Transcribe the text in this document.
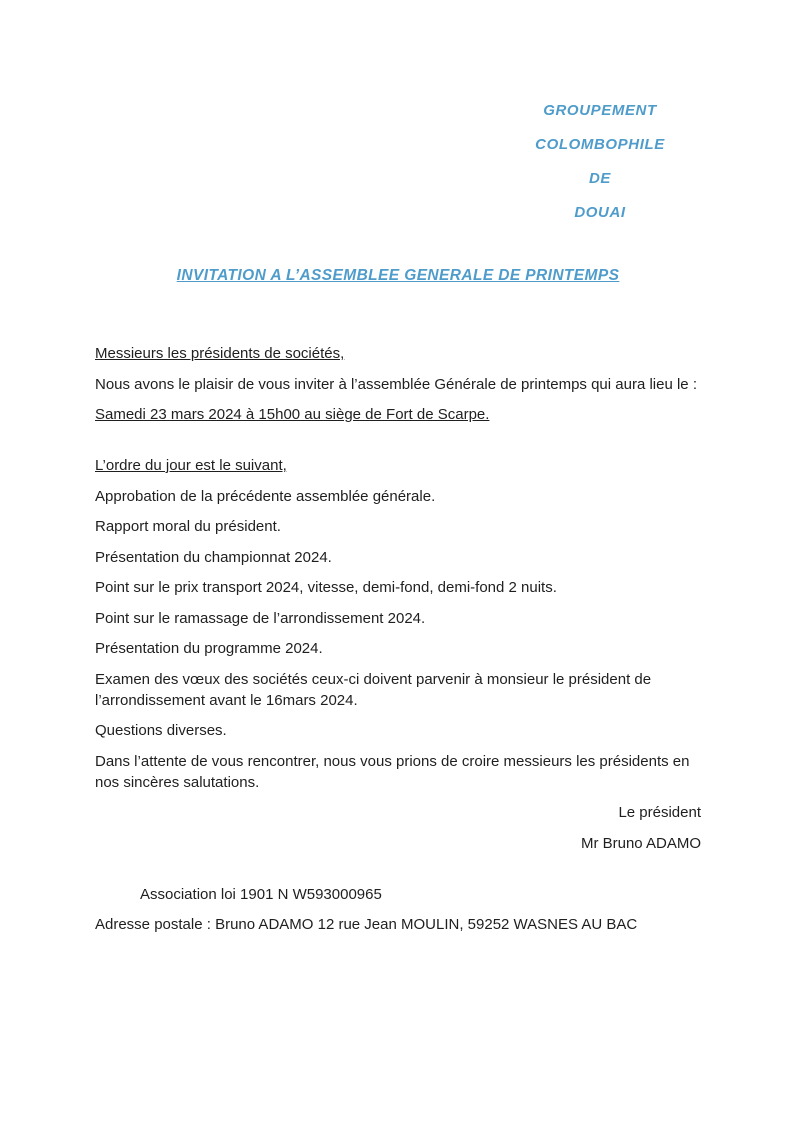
GROUPEMENT
COLOMBOPHILE
DE
DOUAI
INVITATION A L’ASSEMBLEE GENERALE DE PRINTEMPS

Messieurs les présidents de sociétés,

Nous avons le plaisir de vous inviter à l’assemblée Générale de printemps qui aura lieu le :

Samedi 23 mars 2024 à 15h00 au siège de Fort de Scarpe.

L’ordre du jour est le suivant,

Approbation de la précédente assemblée générale.

Rapport moral du président.

Présentation du championnat 2024.

Point sur le prix transport 2024, vitesse, demi-fond, demi-fond 2 nuits.

Point sur le ramassage de l’arrondissement 2024.

Présentation du programme 2024.

Examen des vœux des sociétés ceux-ci doivent parvenir à monsieur le président de l’arrondissement avant le 16mars 2024.

Questions diverses.

Dans l’attente de vous rencontrer, nous vous prions de croire messieurs les présidents en nos sincères salutations.

Le président

Mr Bruno ADAMO

Association loi 1901 N W593000965

Adresse postale : Bruno ADAMO 12 rue Jean MOULIN, 59252 WASNES AU BAC
